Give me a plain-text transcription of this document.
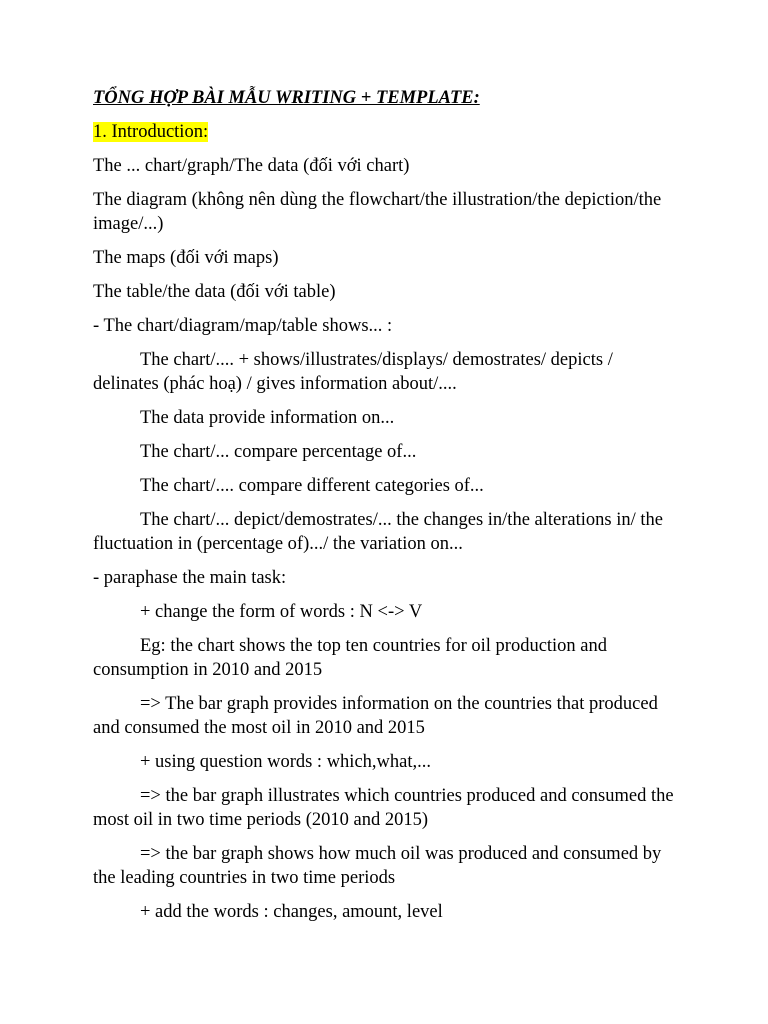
TỔNG HỢP BÀI MẪU WRITING + TEMPLATE:
1. Introduction:
The ... chart/graph/The data (đối với chart)
The diagram (không nên dùng the flowchart/the illustration/the depiction/the image/...)
The maps (đối với maps)
The table/the data (đối với table)
- The chart/diagram/map/table shows... :
The chart/.... + shows/illustrates/displays/ demostrates/ depicts / delinates (phác hoạ) / gives information about/....
The data provide information on...
The chart/... compare percentage of...
The chart/.... compare different categories of...
The chart/... depict/demostrates/... the changes in/the alterations in/ the fluctuation in (percentage of).../ the variation on...
- paraphase the main task:
+ change the form of words : N <-> V
Eg: the chart shows the top ten countries for oil production and consumption in 2010 and 2015
=> The bar graph provides information on the countries that produced and consumed the most oil in 2010 and 2015
+ using question words : which,what,...
=> the bar graph illustrates which countries produced and consumed the most oil in two time periods (2010 and 2015)
=> the bar graph shows how much oil was produced and consumed by the leading countries in two time periods
+ add the words : changes, amount, level
